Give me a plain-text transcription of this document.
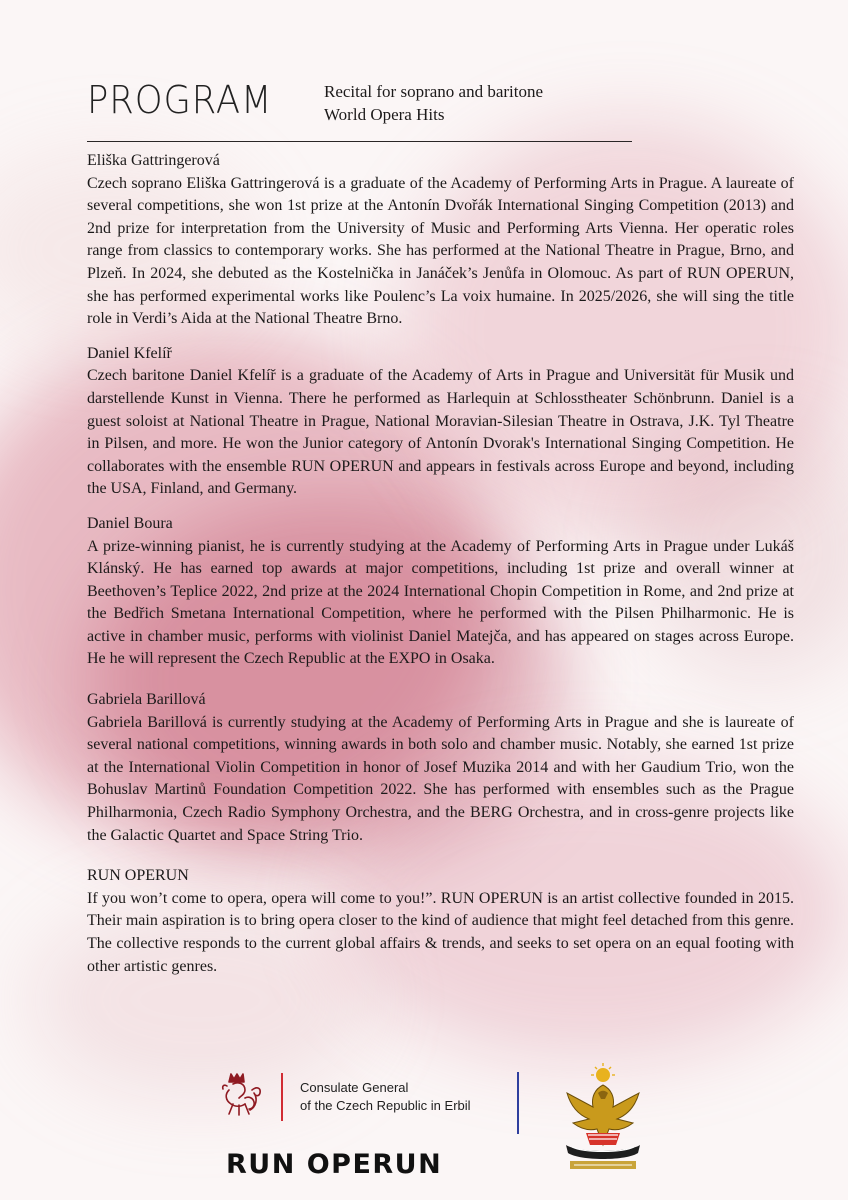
PROGRAM	Recital for soprano and baritone
World Opera Hits
Eliška Gattringerová

Czech soprano Eliška Gattringerová is a graduate of the Academy of Performing Arts in Prague. A laureate of several competitions, she won 1st prize at the Antonín Dvořák International Singing Competition (2013) and 2nd prize for interpretation from the University of Music and Performing Arts Vienna. Her operatic roles range from classics to contemporary works. She has performed at the National Theatre in Prague, Brno, and Plzeň. In 2024, she debuted as the Kostelnička in Janáček’s Jenůfa in Olomouc. As part of RUN OPERUN, she has performed experimental works like Poulenc’s La voix humaine. In 2025/2026, she will sing the title role in Verdi’s Aida at the National Theatre Brno.

Daniel Kfelíř

Czech baritone Daniel Kfelíř is a graduate of the Academy of Arts in Prague and Universität für Musik und darstellende Kunst in Vienna. There he performed as Harlequin at Schlosstheater Schönbrunn. Daniel is a guest soloist at National Theatre in Prague, National Moravian-Silesian Theatre in Ostrava, J.K. Tyl Theatre in Pilsen, and more. He won the Junior category of Antonín Dvorak's International Singing Competition. He collaborates with the ensemble RUN OPERUN and appears in festivals across Europe and beyond, including the USA, Finland, and Germany.

Daniel Boura

A prize-winning pianist, he is currently studying at the Academy of Performing Arts in Prague under Lukáš Klánský. He has earned top awards at major competitions, including 1st prize and overall winner at Beethoven’s Teplice 2022, 2nd prize at the 2024 International Chopin Competition in Rome, and 2nd prize at the Bedřich Smetana International Competition, where he performed with the Pilsen Philharmonic. He is active in chamber music, performs with violinist Daniel Matejča, and has appeared on stages across Europe. He he will represent the Czech Republic at the EXPO in Osaka.

Gabriela Barillová

Gabriela Barillová is currently studying at the Academy of Performing Arts in Prague and she is laureate of several national competitions, winning awards in both solo and chamber music. Notably, she earned 1st prize at the International Violin Competition in honor of Josef Muzika 2014 and with her Gaudium Trio, won the Bohuslav Martinů Foundation Competition 2022. She has performed with ensembles such as the Prague Philharmonia, Czech Radio Symphony Orchestra, and the BERG Orchestra, and in cross-genre projects like the Galactic Quartet and Space String Trio.

RUN OPERUN

If you won’t come to opera, opera will come to you!”. RUN OPERUN is an artist collective founded in 2015. Their main aspiration is to bring opera closer to the kind of audience that might feel detached from this genre. The collective responds to the current global affairs & trends, and seeks to set opera on an equal footing with other artistic genres.

Consulate General
of the Czech Republic in Erbil
RUN OPERUN
